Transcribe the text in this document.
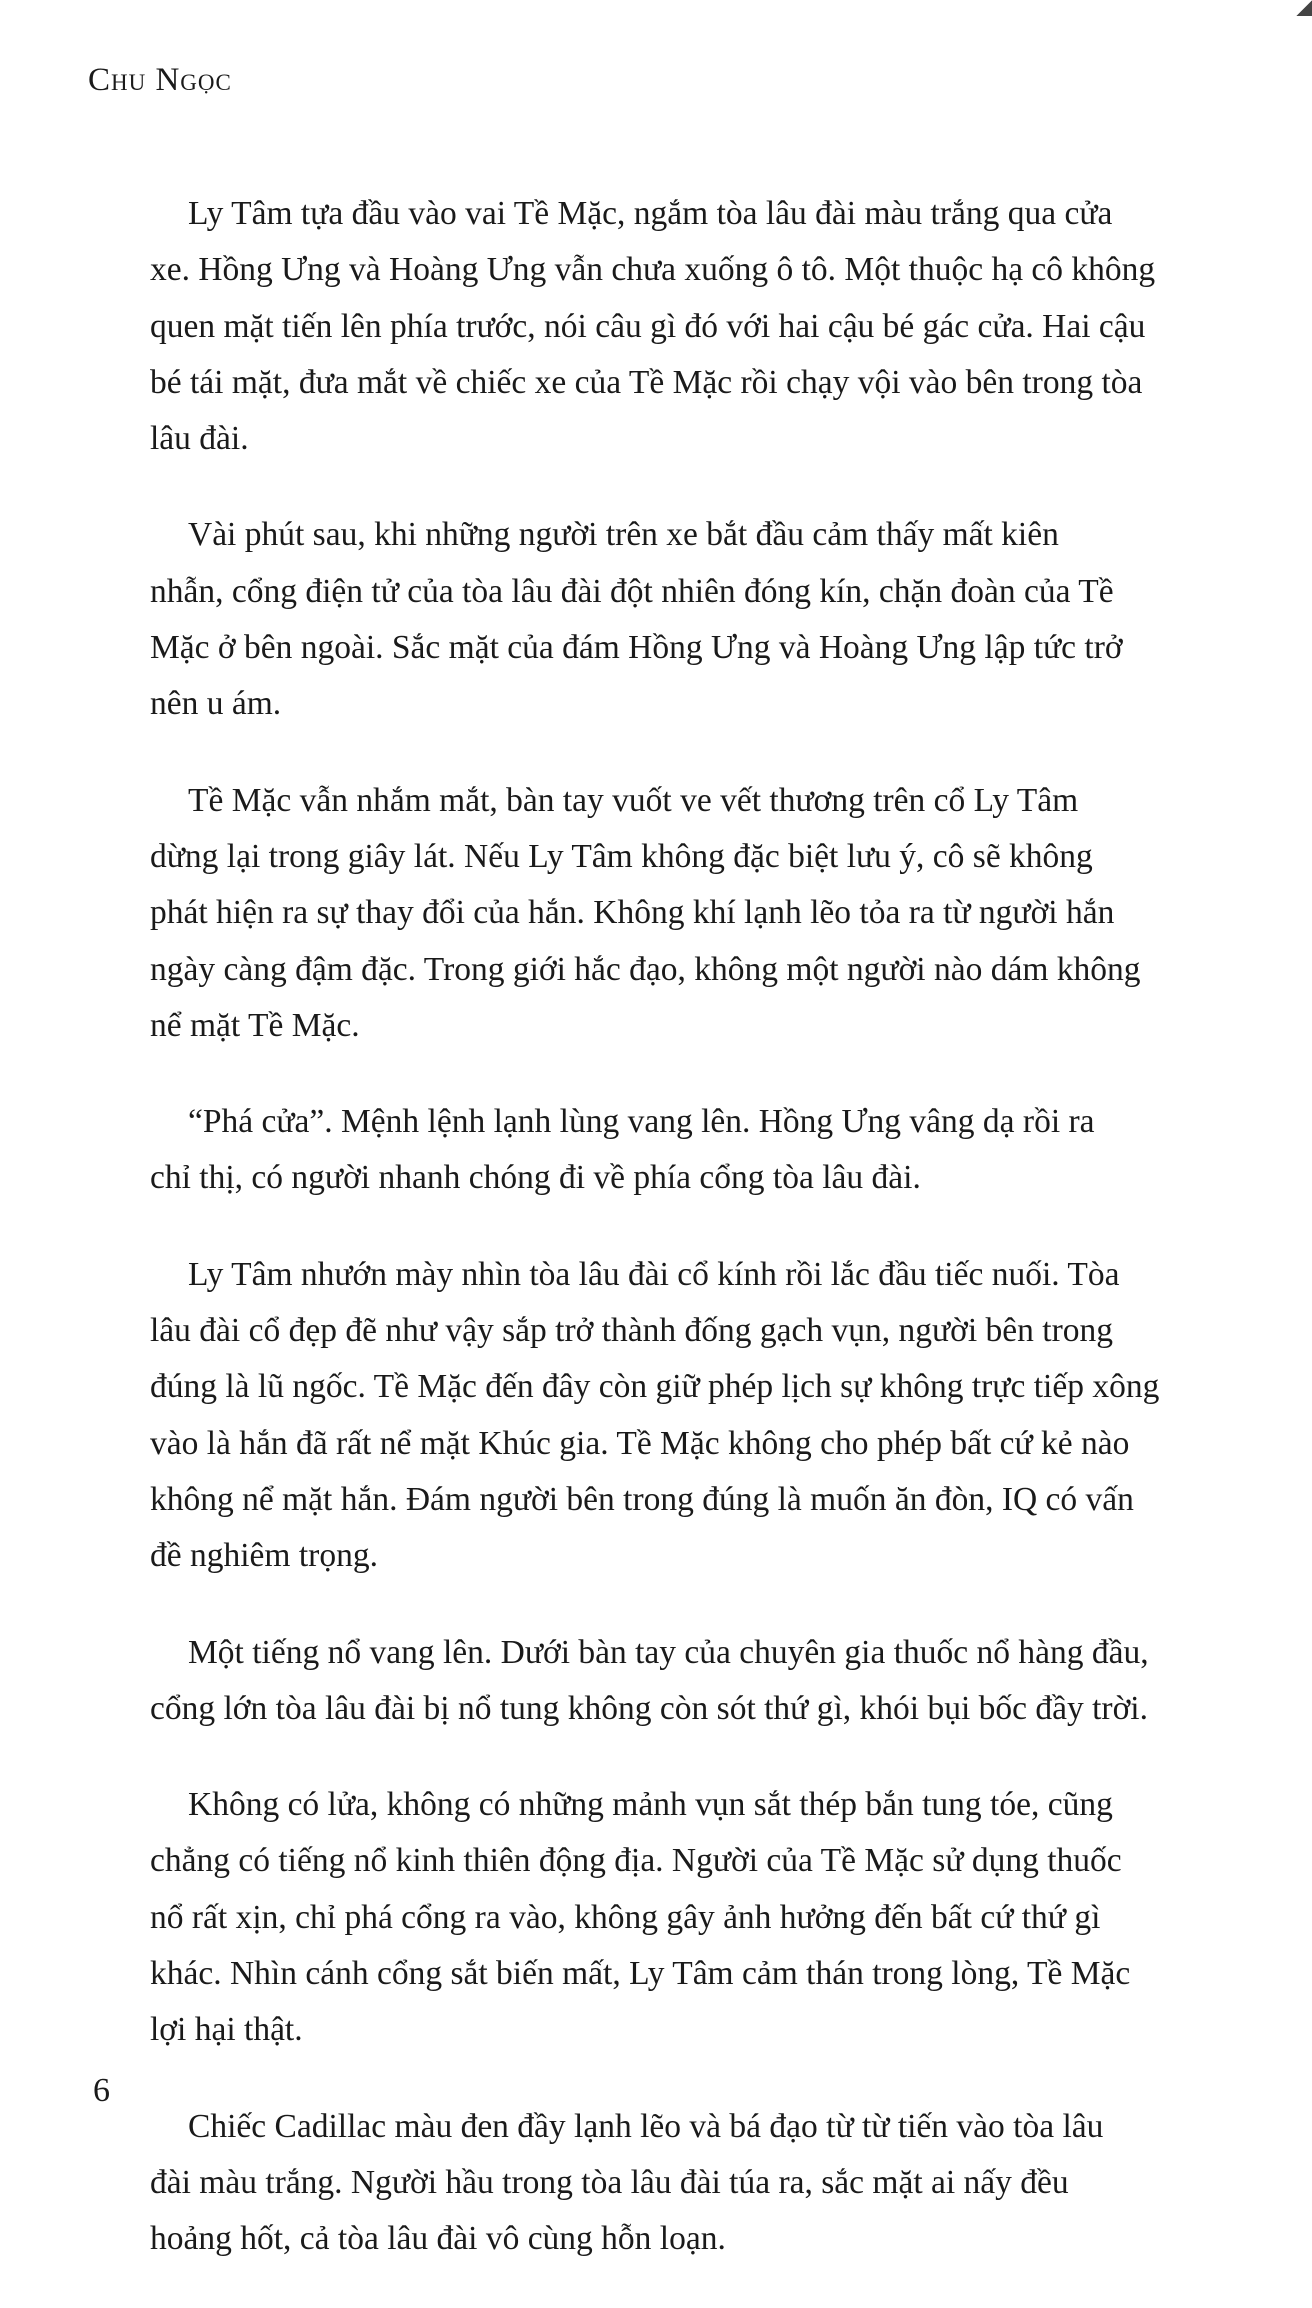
Chu Ngọc

Ly Tâm tựa đầu vào vai Tề Mặc, ngắm tòa lâu đài màu trắng qua cửa
xe. Hồng Ưng và Hoàng Ưng vẫn chưa xuống ô tô. Một thuộc hạ cô không
quen mặt tiến lên phía trước, nói câu gì đó với hai cậu bé gác cửa. Hai cậu
bé tái mặt, đưa mắt về chiếc xe của Tề Mặc rồi chạy vội vào bên trong tòa
lâu đài.

Vài phút sau, khi những người trên xe bắt đầu cảm thấy mất kiên
nhẫn, cổng điện tử của tòa lâu đài đột nhiên đóng kín, chặn đoàn của Tề
Mặc ở bên ngoài. Sắc mặt của đám Hồng Ưng và Hoàng Ưng lập tức trở
nên u ám.

Tề Mặc vẫn nhắm mắt, bàn tay vuốt ve vết thương trên cổ Ly Tâm
dừng lại trong giây lát. Nếu Ly Tâm không đặc biệt lưu ý, cô sẽ không
phát hiện ra sự thay đổi của hắn. Không khí lạnh lẽo tỏa ra từ người hắn
ngày càng đậm đặc. Trong giới hắc đạo, không một người nào dám không
nể mặt Tề Mặc.

“Phá cửa”. Mệnh lệnh lạnh lùng vang lên. Hồng Ưng vâng dạ rồi ra
chỉ thị, có người nhanh chóng đi về phía cổng tòa lâu đài.

Ly Tâm nhướn mày nhìn tòa lâu đài cổ kính rồi lắc đầu tiếc nuối. Tòa
lâu đài cổ đẹp đẽ như vậy sắp trở thành đống gạch vụn, người bên trong
đúng là lũ ngốc. Tề Mặc đến đây còn giữ phép lịch sự không trực tiếp xông
vào là hắn đã rất nể mặt Khúc gia. Tề Mặc không cho phép bất cứ kẻ nào
không nể mặt hắn. Đám người bên trong đúng là muốn ăn đòn, IQ có vấn
đề nghiêm trọng.

Một tiếng nổ vang lên. Dưới bàn tay của chuyên gia thuốc nổ hàng đầu,
cổng lớn tòa lâu đài bị nổ tung không còn sót thứ gì, khói bụi bốc đầy trời.

Không có lửa, không có những mảnh vụn sắt thép bắn tung tóe, cũng
chẳng có tiếng nổ kinh thiên động địa. Người của Tề Mặc sử dụng thuốc
nổ rất xịn, chỉ phá cổng ra vào, không gây ảnh hưởng đến bất cứ thứ gì
khác. Nhìn cánh cổng sắt biến mất, Ly Tâm cảm thán trong lòng, Tề Mặc
lợi hại thật.

Chiếc Cadillac màu đen đầy lạnh lẽo và bá đạo từ từ tiến vào tòa lâu
đài màu trắng. Người hầu trong tòa lâu đài túa ra, sắc mặt ai nấy đều
hoảng hốt, cả tòa lâu đài vô cùng hỗn loạn.

6
